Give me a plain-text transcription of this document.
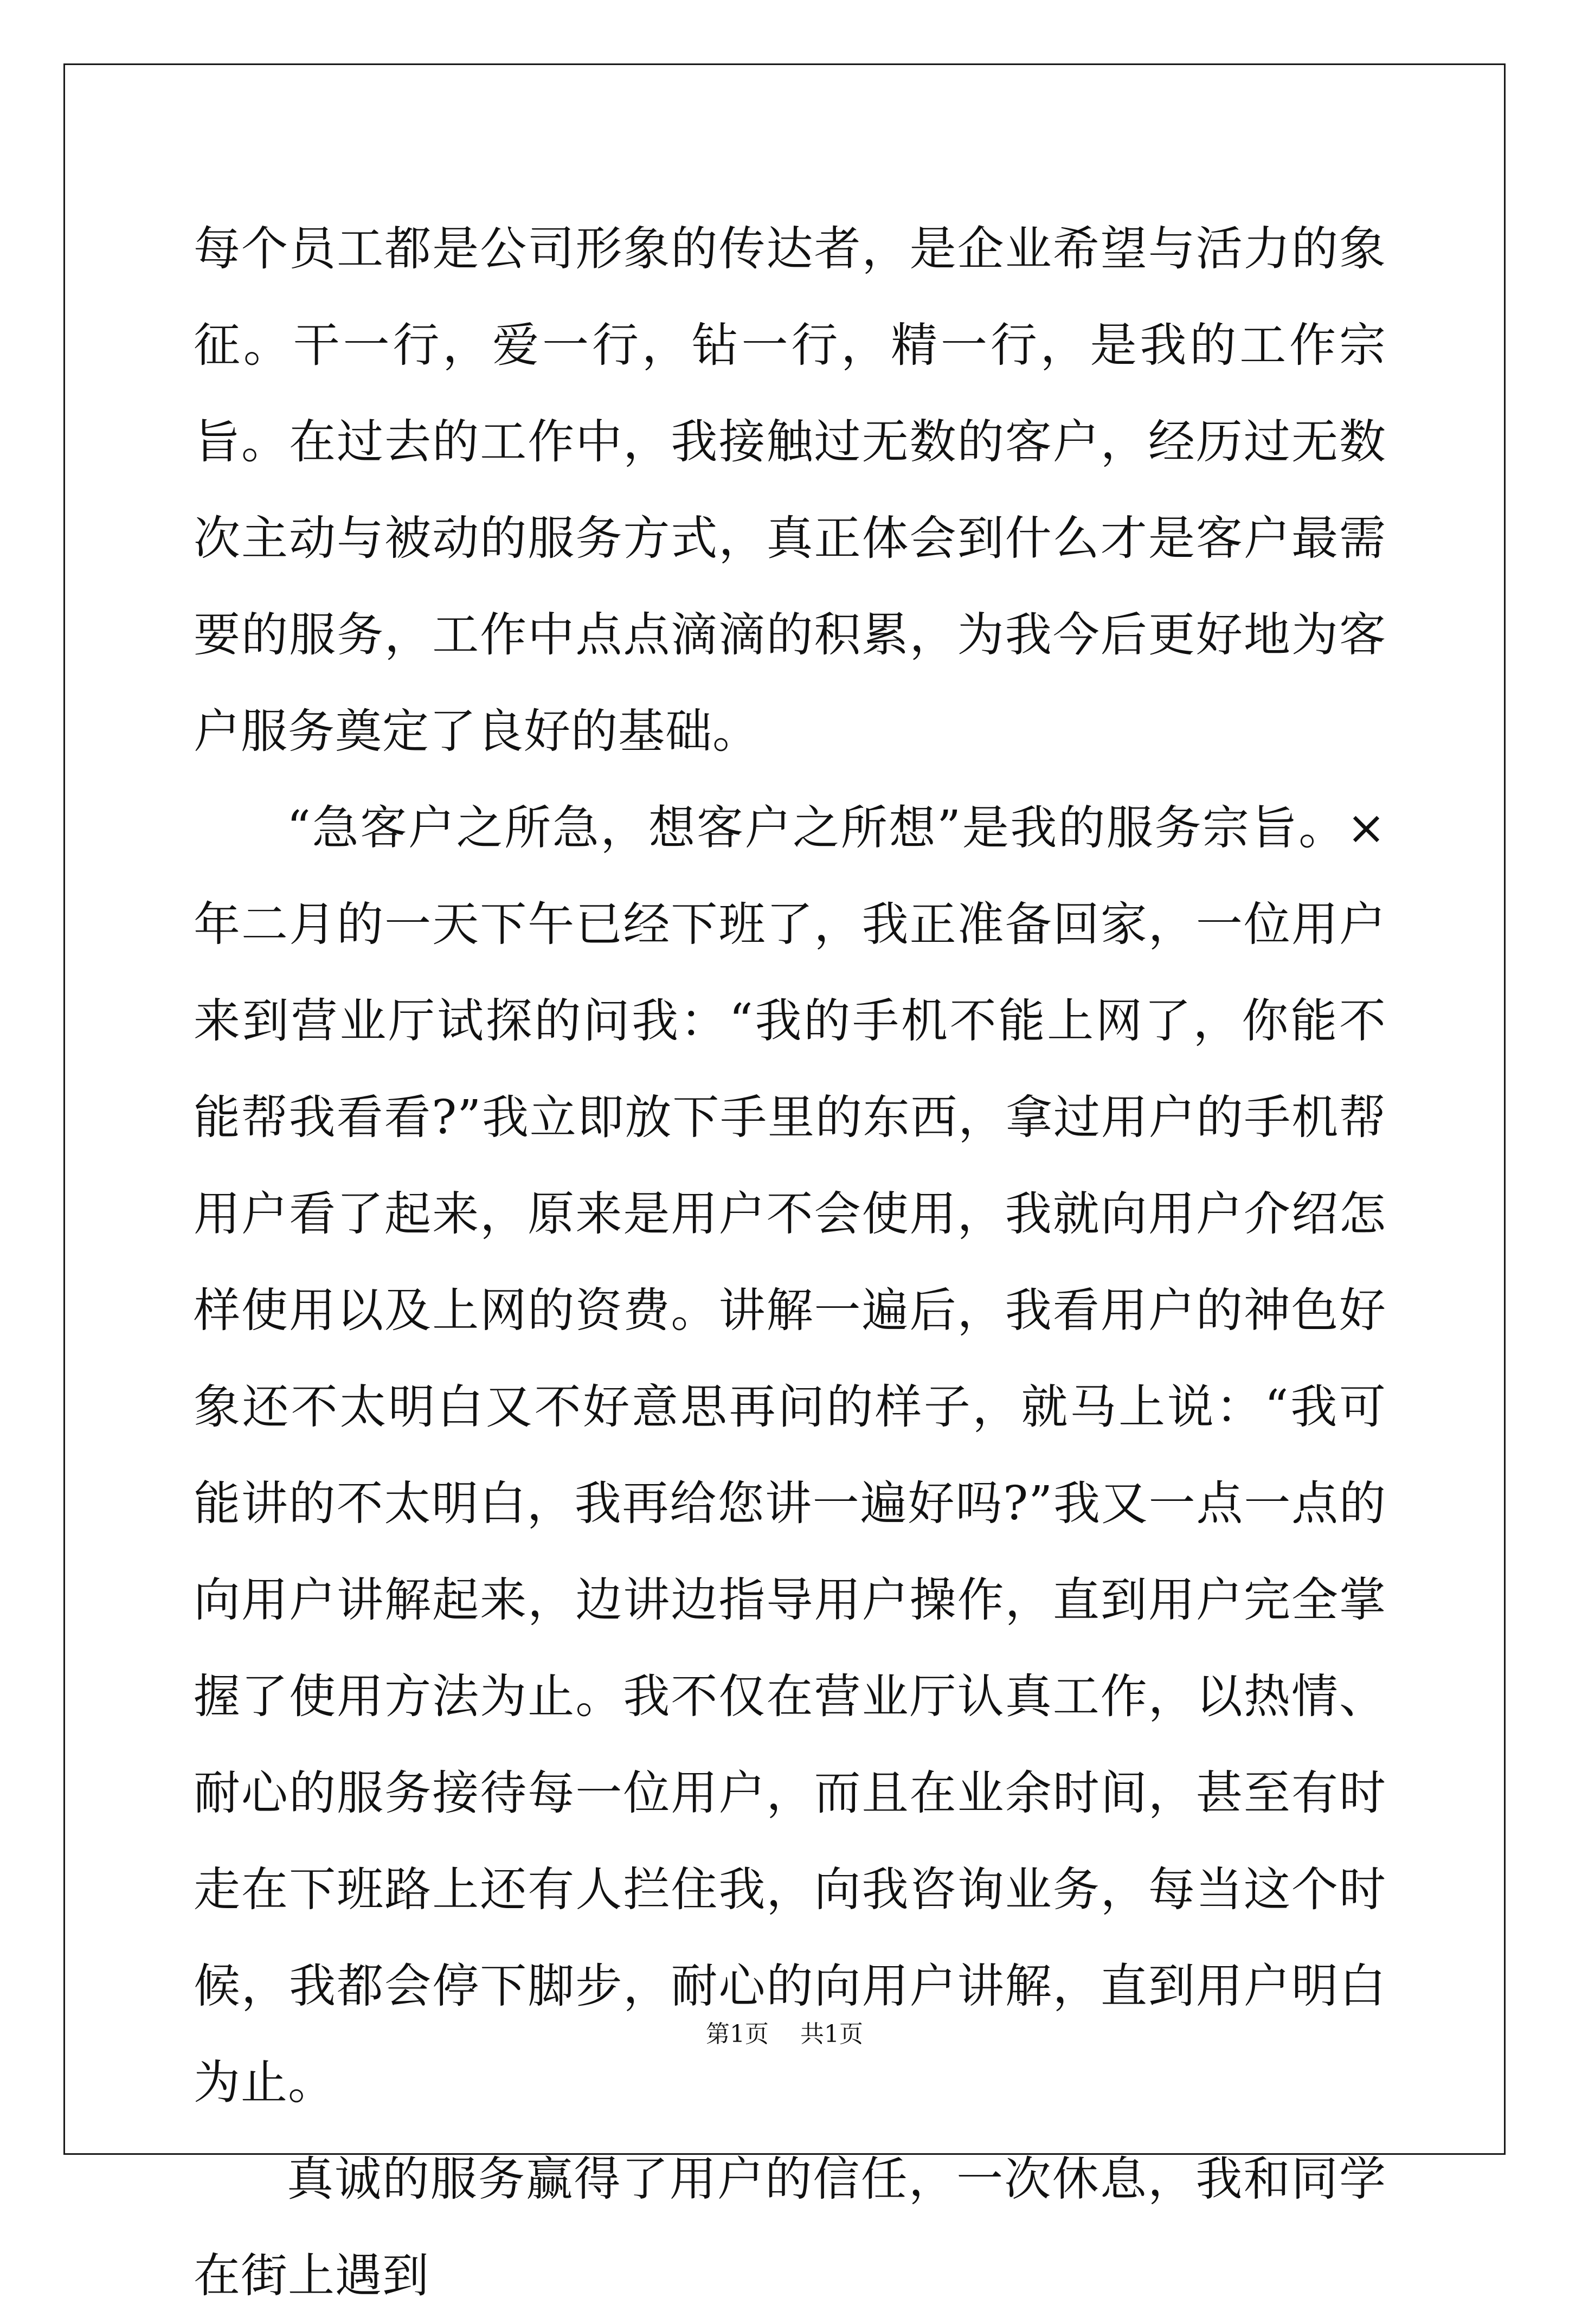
每个员工都是公司形象的传达者，是企业希望与活力的象征。干一行，爱一行，钻一行，精一行，是我的工作宗旨。在过去的工作中，我接触过无数的客户，经历过无数次主动与被动的服务方式，真正体会到什么才是客户最需要的服务，工作中点点滴滴的积累，为我今后更好地为客户服务奠定了良好的基础。

“急客户之所急，想客户之所想”是我的服务宗旨。×年二月的一天下午已经下班了，我正准备回家，一位用户来到营业厅试探的问我：“我的手机不能上网了，你能不能帮我看看?”我立即放下手里的东西，拿过用户的手机帮用户看了起来，原来是用户不会使用，我就向用户介绍怎样使用以及上网的资费。讲解一遍后，我看用户的神色好象还不太明白又不好意思再问的样子，就马上说：“我可能讲的不太明白，我再给您讲一遍好吗?”我又一点一点的向用户讲解起来，边讲边指导用户操作，直到用户完全掌握了使用方法为止。我不仅在营业厅认真工作，以热情、耐心的服务接待每一位用户，而且在业余时间，甚至有时走在下班路上还有人拦住我，向我咨询业务，每当这个时候，我都会停下脚步，耐心的向用户讲解，直到用户明白为止。

真诚的服务赢得了用户的信任，一次休息，我和同学在街上遇到

第1页 共1页
